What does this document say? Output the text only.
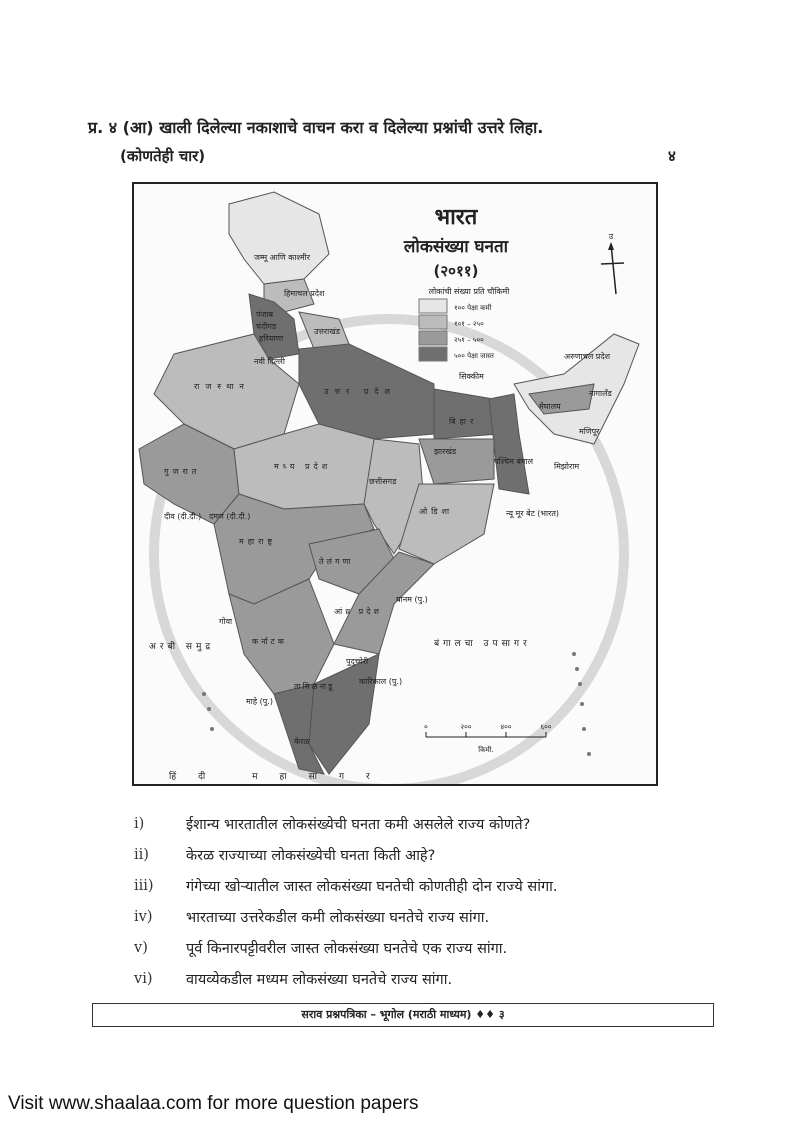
प्र. ४ (आ) खाली दिलेल्या नकाशाचे वाचन करा व दिलेल्या प्रश्नांची उत्तरे लिहा.
(कोणतेही चार)	४
भारत
लोकसंख्या घनता
(२०११)
लोकांची संख्या प्रति चौकिमी
१०० पेक्षा कमी
१०१ – २५०
२५१ – ५००
५०० पेक्षा जास्त
उ
जम्मू आणि काश्मीर
हिमाचल प्रदेश
पंजाब
चंदीगड
हरियाणा
उत्तराखंड
नवी दिल्ली
राजस्थान
उत्तर प्रदेश
बिहार
सिक्कीम
अरुणाचल प्रदेश
नागालँड
मेघालय
मणिपूर
मिझोराम
झारखंड
पश्चिम बंगाल
गुजरात
मध्य प्रदेश
छत्तीसगड
ओडिशा
महाराष्ट्र
तेलंगणा
आंध्र प्रदेश
यानम (पु.)
गोवा
कर्नाटक
तामिळनाडू
केरळ
पुदुच्चेरी
कारिकाल (पु.)
माहे (पु.)
दीव (दी.दी.) दमण (दी.दी.)	न्यू मूर बेट (भारत)
अरबी समुद्र	बंगालचा उपसागर
हिंदी महासागर
०	२००	४००	६००
किमी.
i)	ईशान्य भारतातील लोकसंख्येची घनता कमी असलेले राज्य कोणते?
ii)	केरळ राज्याच्या लोकसंख्येची घनता किती आहे?
iii)	गंगेच्या खोऱ्यातील जास्त लोकसंख्या घनतेची कोणतीही दोन राज्ये सांगा.
iv)	भारताच्या उत्तरेकडील कमी लोकसंख्या घनतेचे राज्य सांगा.
v)	पूर्व किनारपट्टीवरील जास्त लोकसंख्या घनतेचे एक राज्य सांगा.
vi)	वायव्येकडील मध्यम लोकसंख्या घनतेचे राज्य सांगा.
सराव प्रश्नपत्रिका – भूगोल (मराठी माध्यम) ♦♦ ३
Visit www.shaalaa.com for more question papers
